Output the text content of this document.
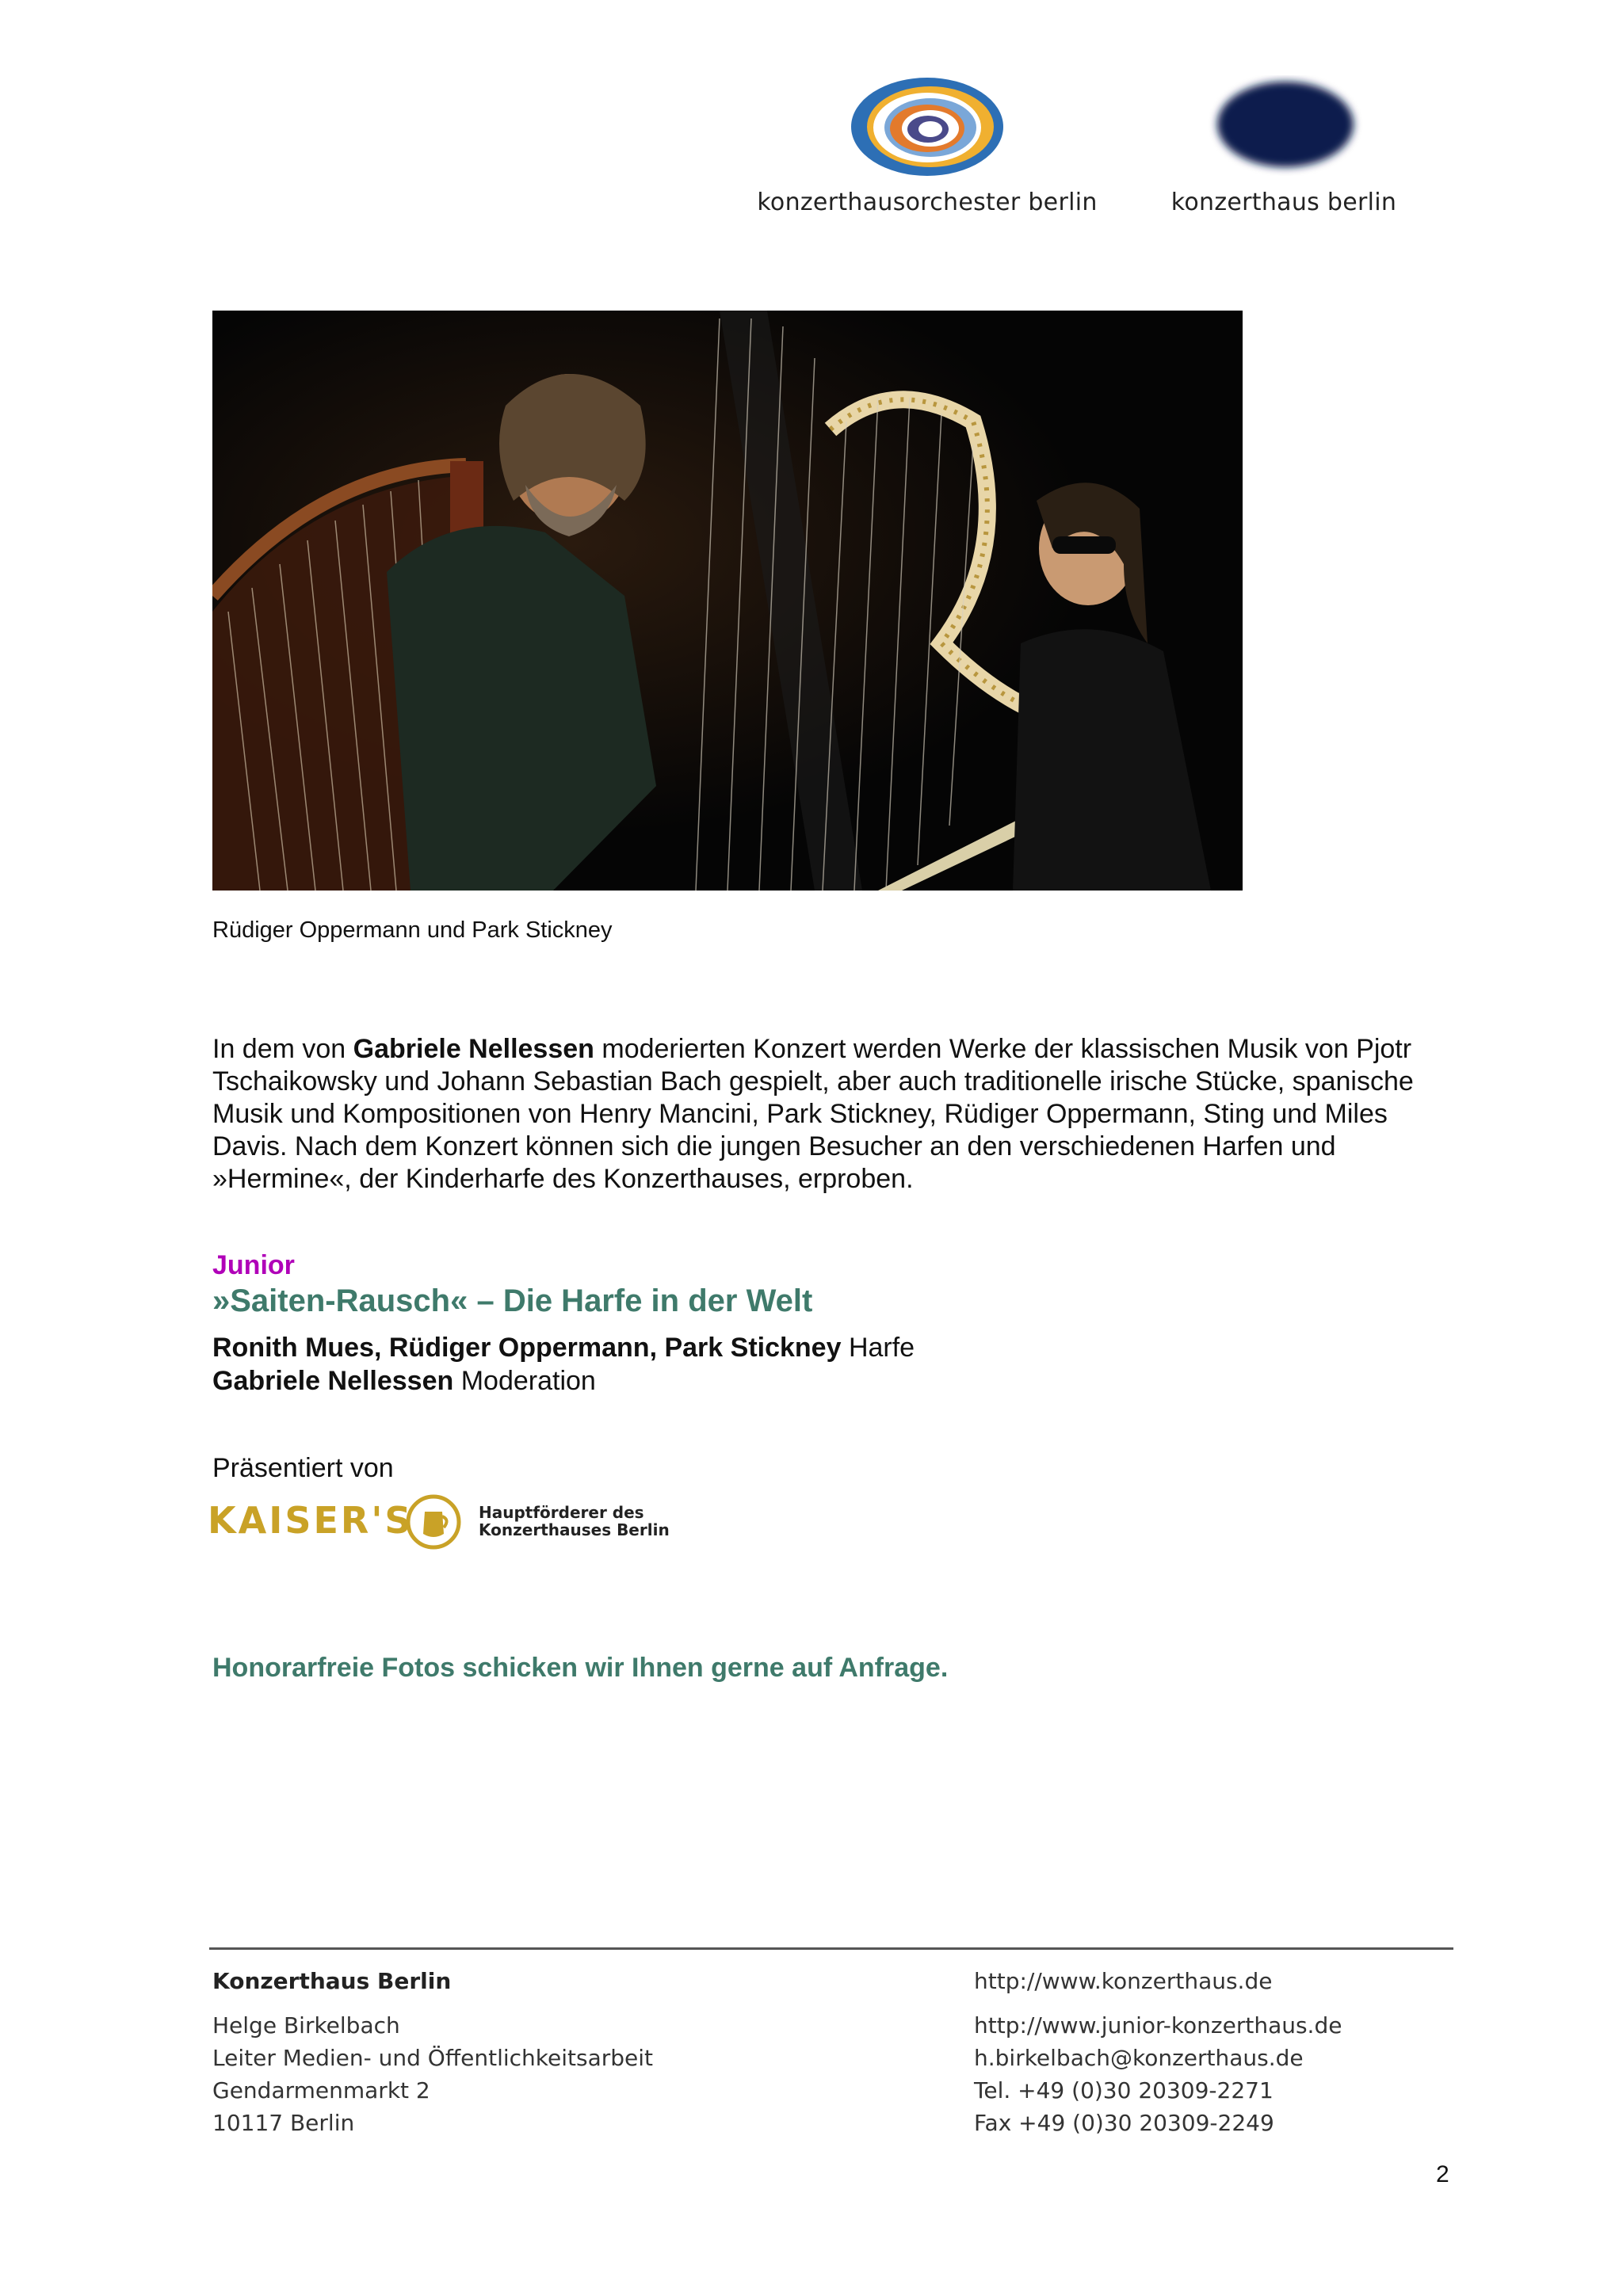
konzerthausorchester berlin	konzerthaus berlin
Rüdiger Oppermann und Park Stickney
In dem von Gabriele Nellessen moderierten Konzert werden Werke der klassischen Musik von Pjotr Tschaikowsky und Johann Sebastian Bach gespielt, aber auch traditionelle irische Stücke, spanische Musik und Kompositionen von Henry Mancini, Park Stickney, Rüdiger Oppermann, Sting und Miles Davis. Nach dem Konzert können sich die jungen Besucher an den verschiedenen Harfen und »Hermine«, der Kinderharfe des Konzerthauses, erproben.
Junior
»Saiten-Rausch« – Die Harfe in der Welt
Ronith Mues, Rüdiger Oppermann, Park Stickney Harfe
Gabriele Nellessen Moderation
Präsentiert von
KAISER'S	Hauptförderer des
Konzerthauses Berlin
Honorarfreie Fotos schicken wir Ihnen gerne auf Anfrage.
Konzerthaus Berlin	http://www.konzerthaus.de
Helge Birkelbach	http://www.junior-konzerthaus.de
Leiter Medien- und Öffentlichkeitsarbeit	h.birkelbach@konzerthaus.de
Gendarmenmarkt 2	Tel. +49 (0)30 20309-2271
10117 Berlin	Fax +49 (0)30 20309-2249
2
